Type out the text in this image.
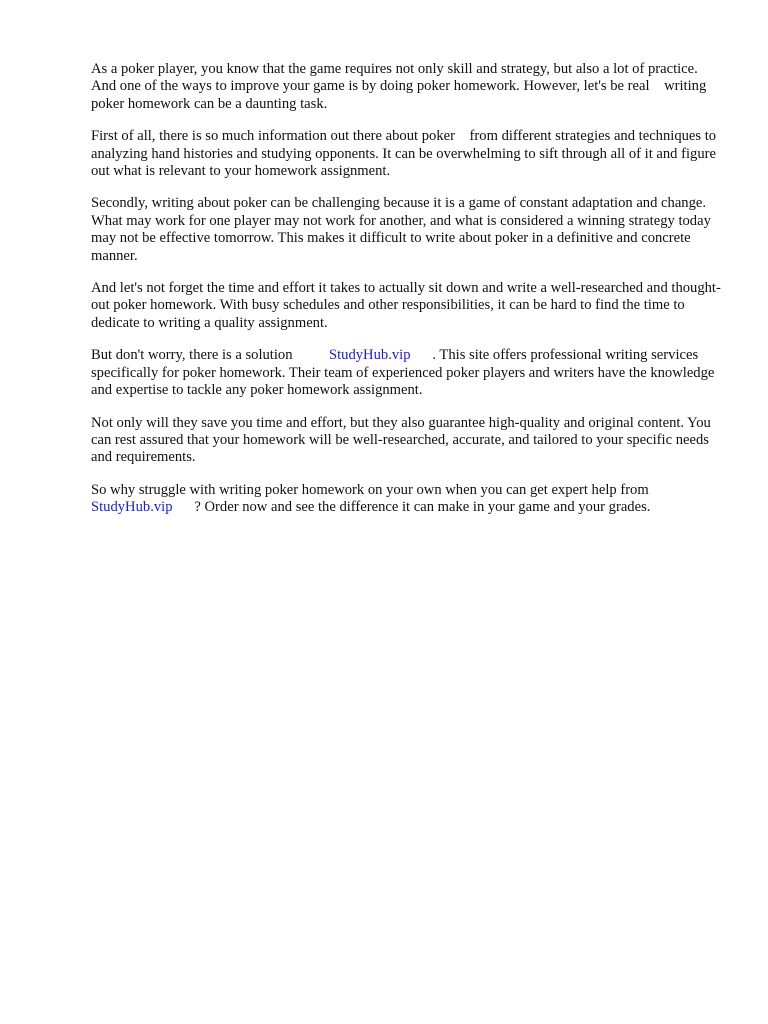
As a poker player, you know that the game requires not only skill and strategy, but also a lot of practice. And one of the ways to improve your game is by doing poker homework. However, let's be real    writing poker homework can be a daunting task.

First of all, there is so much information out there about poker    from different strategies and techniques to analyzing hand histories and studying opponents. It can be overwhelming to sift through all of it and figure out what is relevant to your homework assignment.

Secondly, writing about poker can be challenging because it is a game of constant adaptation and change. What may work for one player may not work for another, and what is considered a winning strategy today may not be effective tomorrow. This makes it difficult to write about poker in a definitive and concrete manner.

And let's not forget the time and effort it takes to actually sit down and write a well-researched and thought-out poker homework. With busy schedules and other responsibilities, it can be hard to find the time to dedicate to writing a quality assignment.

But don't worry, there is a solution StudyHub.vip . This site offers professional writing services specifically for poker homework. Their team of experienced poker players and writers have the knowledge and expertise to tackle any poker homework assignment.

Not only will they save you time and effort, but they also guarantee high-quality and original content. You can rest assured that your homework will be well-researched, accurate, and tailored to your specific needs and requirements.

So why struggle with writing poker homework on your own when you can get expert help from StudyHub.vip ? Order now and see the difference it can make in your game and your grades.
